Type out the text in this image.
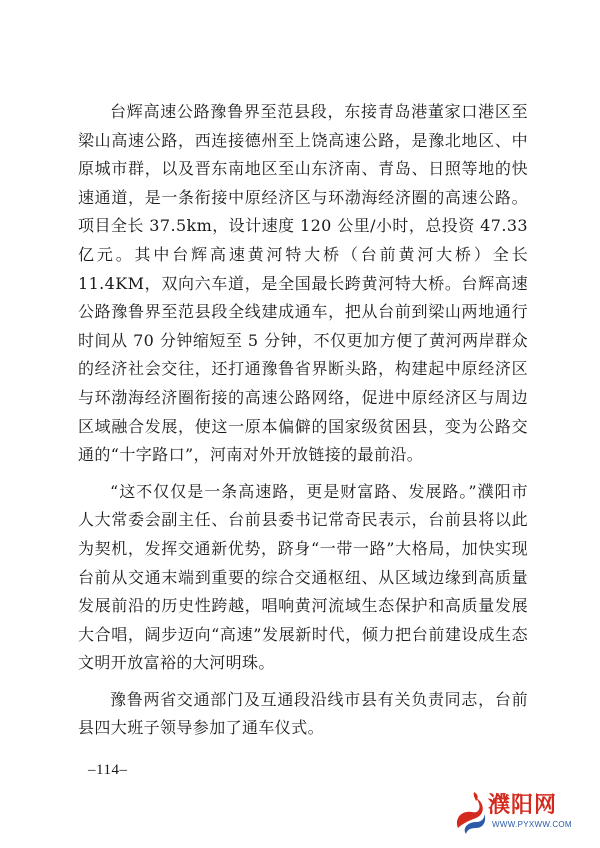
台辉高速公路豫鲁界至范县段，东接青岛港董家口港区至梁山高速公路，西连接德州至上饶高速公路，是豫北地区、中原城市群，以及晋东南地区至山东济南、青岛、日照等地的快速通道，是一条衔接中原经济区与环渤海经济圈的高速公路。项目全长 37.5km，设计速度 120 公里/小时，总投资 47.33 亿元。其中台辉高速黄河特大桥（台前黄河大桥）全长 11.4KM，双向六车道，是全国最长跨黄河特大桥。台辉高速公路豫鲁界至范县段全线建成通车，把从台前到梁山两地通行时间从 70 分钟缩短至 5 分钟，不仅更加方便了黄河两岸群众的经济社会交往，还打通豫鲁省界断头路，构建起中原经济区与环渤海经济圈衔接的高速公路网络，促进中原经济区与周边区域融合发展，使这一原本偏僻的国家级贫困县，变为公路交通的“十字路口”，河南对外开放链接的最前沿。

“这不仅仅是一条高速路，更是财富路、发展路。”濮阳市人大常委会副主任、台前县委书记常奇民表示，台前县将以此为契机，发挥交通新优势，跻身“一带一路”大格局，加快实现台前从交通末端到重要的综合交通枢纽、从区域边缘到高质量发展前沿的历史性跨越，唱响黄河流域生态保护和高质量发展大合唱，阔步迈向“高速”发展新时代，倾力把台前建设成生态文明开放富裕的大河明珠。

豫鲁两省交通部门及互通段沿线市县有关负责同志，台前县四大班子领导参加了通车仪式。

–114–
濮阳网
WWW.PYXWW.COM
